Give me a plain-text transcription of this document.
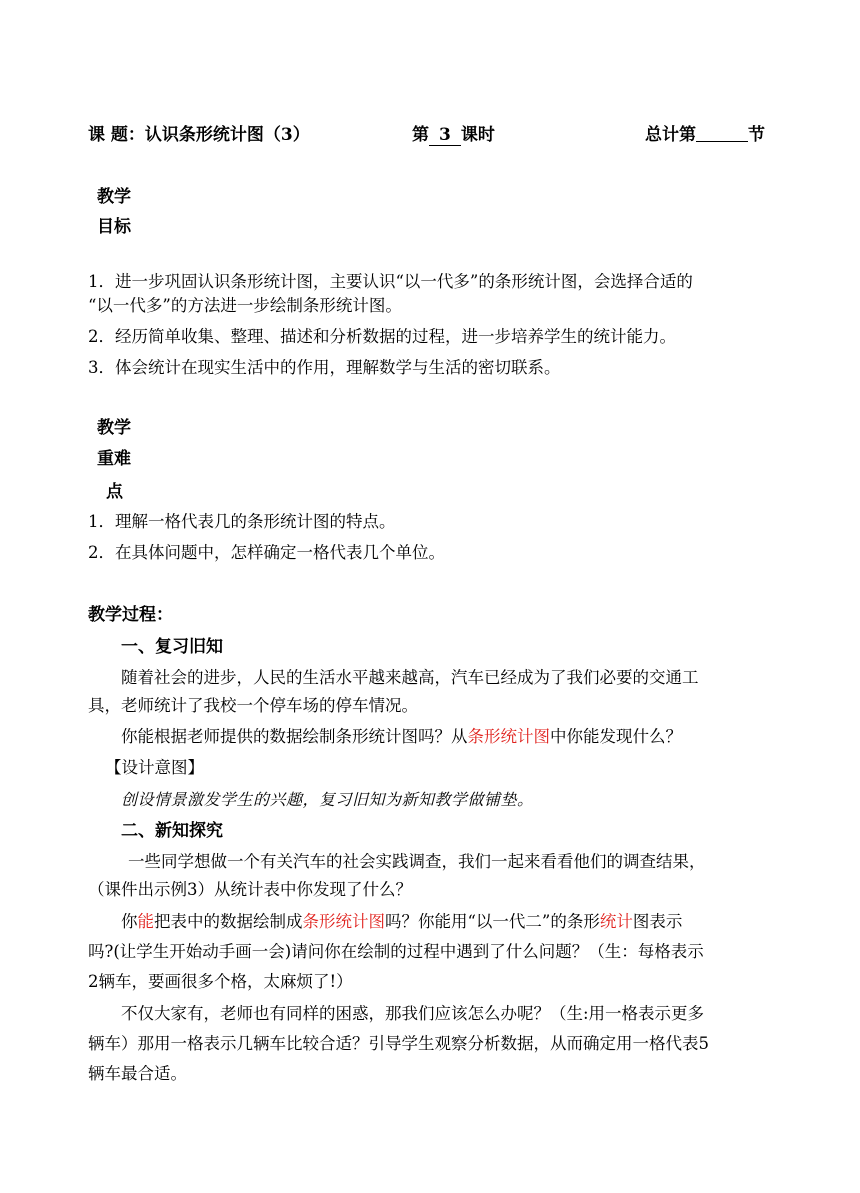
课 题：认识条形统计图（3）	第 3 课时	总计第	节
教学
目标
1．进一步巩固认识条形统计图，主要认识“以一代多”的条形统计图，会选择合适的
“以一代多”的方法进一步绘制条形统计图。
2．经历简单收集、整理、描述和分析数据的过程，进一步培养学生的统计能力。
3．体会统计在现实生活中的作用，理解数学与生活的密切联系。
教学
重难
点
1．理解一格代表几的条形统计图的特点。
2．在具体问题中，怎样确定一格代表几个单位。
教学过程：
一、复习旧知
随着社会的进步，人民的生活水平越来越高，汽车已经成为了我们必要的交通工
具，老师统计了我校一个停车场的停车情况。
你能根据老师提供的数据绘制条形统计图吗？从条形统计图中你能发现什么？
【设计意图】
创设情景激发学生的兴趣，复习旧知为新知教学做铺垫。
二、新知探究
一些同学想做一个有关汽车的社会实践调查，我们一起来看看他们的调查结果，
（课件出示例3）从统计表中你发现了什么？
你能把表中的数据绘制成条形统计图吗？你能用“以一代二”的条形统计图表示
吗?(让学生开始动手画一会)请问你在绘制的过程中遇到了什么问题？（生：每格表示
2辆车，要画很多个格，太麻烦了!）
不仅大家有，老师也有同样的困惑，那我们应该怎么办呢？（生:用一格表示更多
辆车）那用一格表示几辆车比较合适？引导学生观察分析数据，从而确定用一格代表5
辆车最合适。
